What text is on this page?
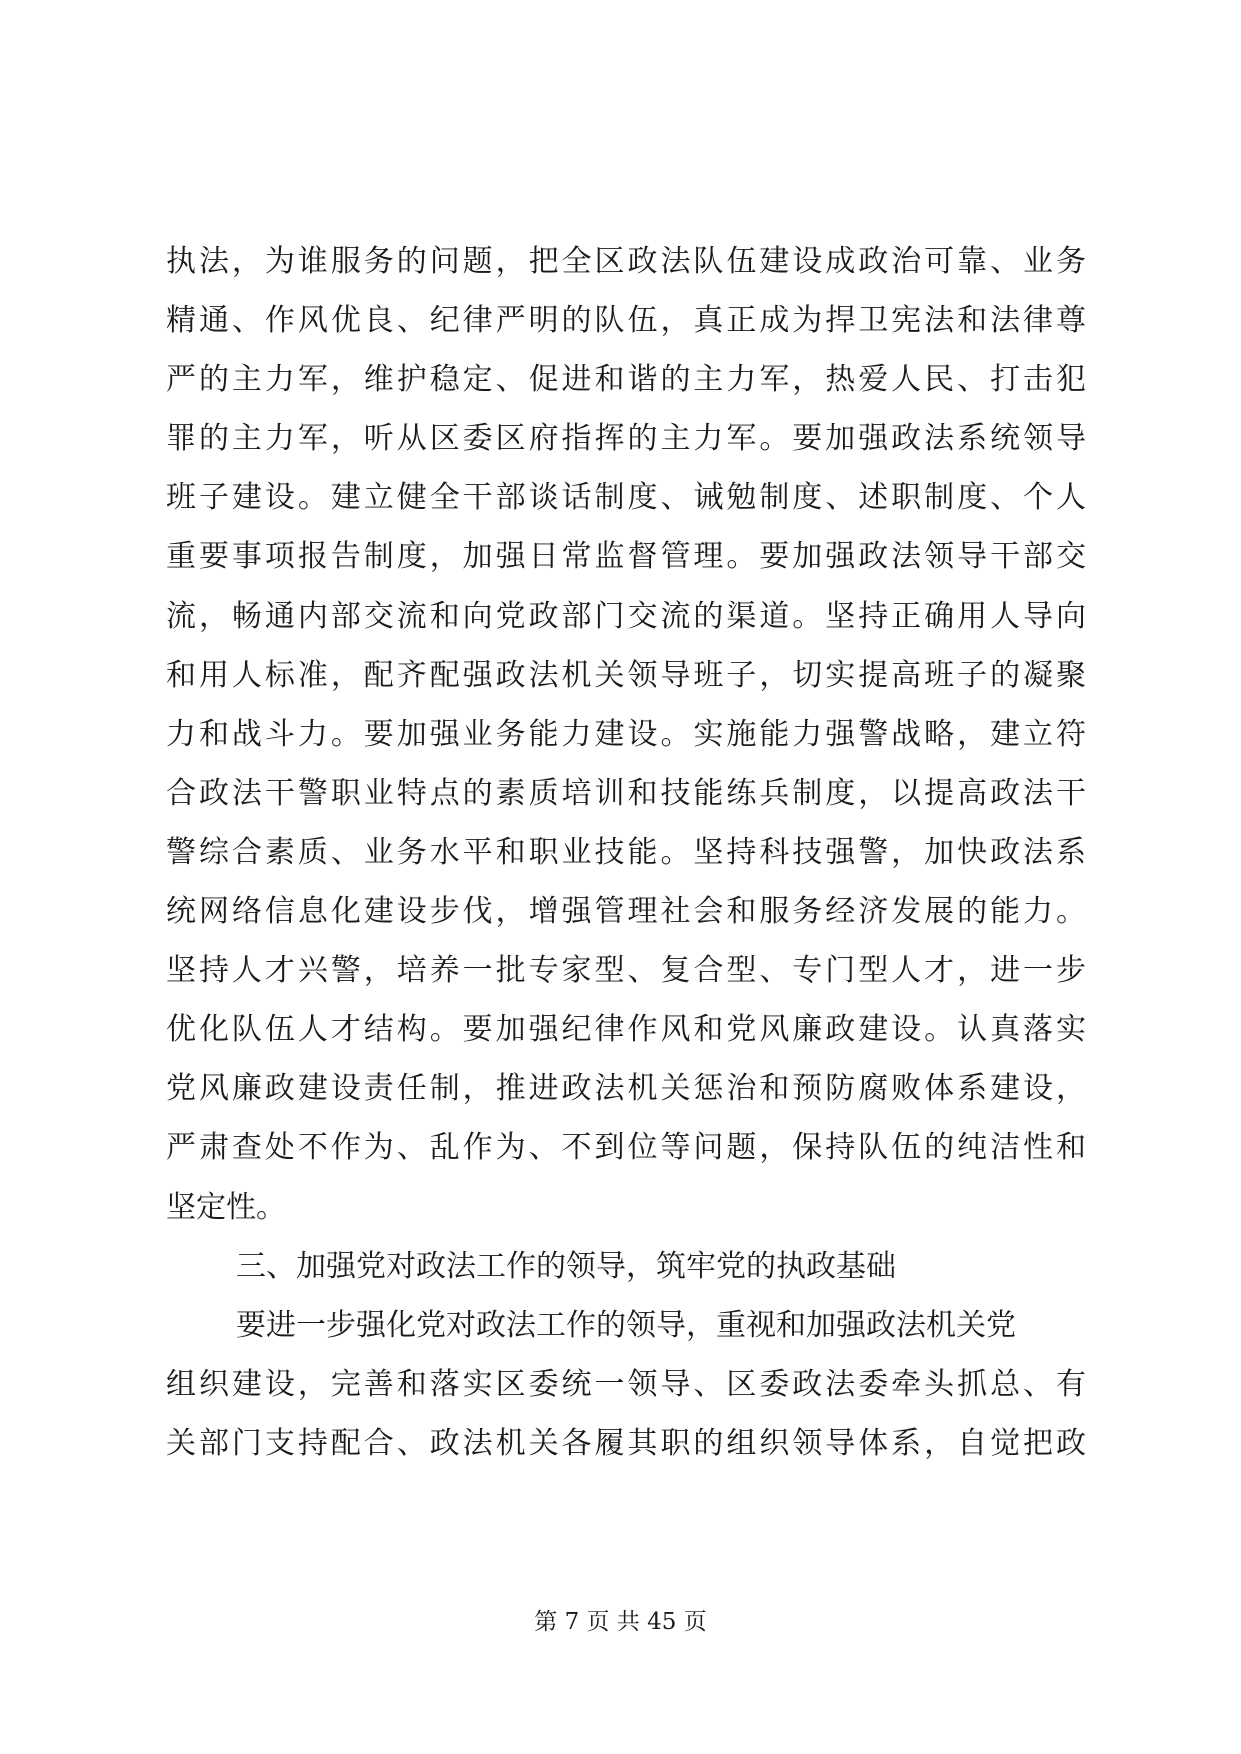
执法，为谁服务的问题，把全区政法队伍建设成政治可靠、业务
精通、作风优良、纪律严明的队伍，真正成为捍卫宪法和法律尊
严的主力军，维护稳定、促进和谐的主力军，热爱人民、打击犯
罪的主力军，听从区委区府指挥的主力军。要加强政法系统领导
班子建设。建立健全干部谈话制度、诫勉制度、述职制度、个人
重要事项报告制度，加强日常监督管理。要加强政法领导干部交
流，畅通内部交流和向党政部门交流的渠道。坚持正确用人导向
和用人标准，配齐配强政法机关领导班子，切实提高班子的凝聚
力和战斗力。要加强业务能力建设。实施能力强警战略，建立符
合政法干警职业特点的素质培训和技能练兵制度，以提高政法干
警综合素质、业务水平和职业技能。坚持科技强警，加快政法系
统网络信息化建设步伐，增强管理社会和服务经济发展的能力。
坚持人才兴警，培养一批专家型、复合型、专门型人才，进一步
优化队伍人才结构。要加强纪律作风和党风廉政建设。认真落实
党风廉政建设责任制，推进政法机关惩治和预防腐败体系建设，
严肃查处不作为、乱作为、不到位等问题，保持队伍的纯洁性和
坚定性。
三、加强党对政法工作的领导，筑牢党的执政基础
要进一步强化党对政法工作的领导，重视和加强政法机关党
组织建设，完善和落实区委统一领导、区委政法委牵头抓总、有
关部门支持配合、政法机关各履其职的组织领导体系，自觉把政
第 7 页 共 45 页
